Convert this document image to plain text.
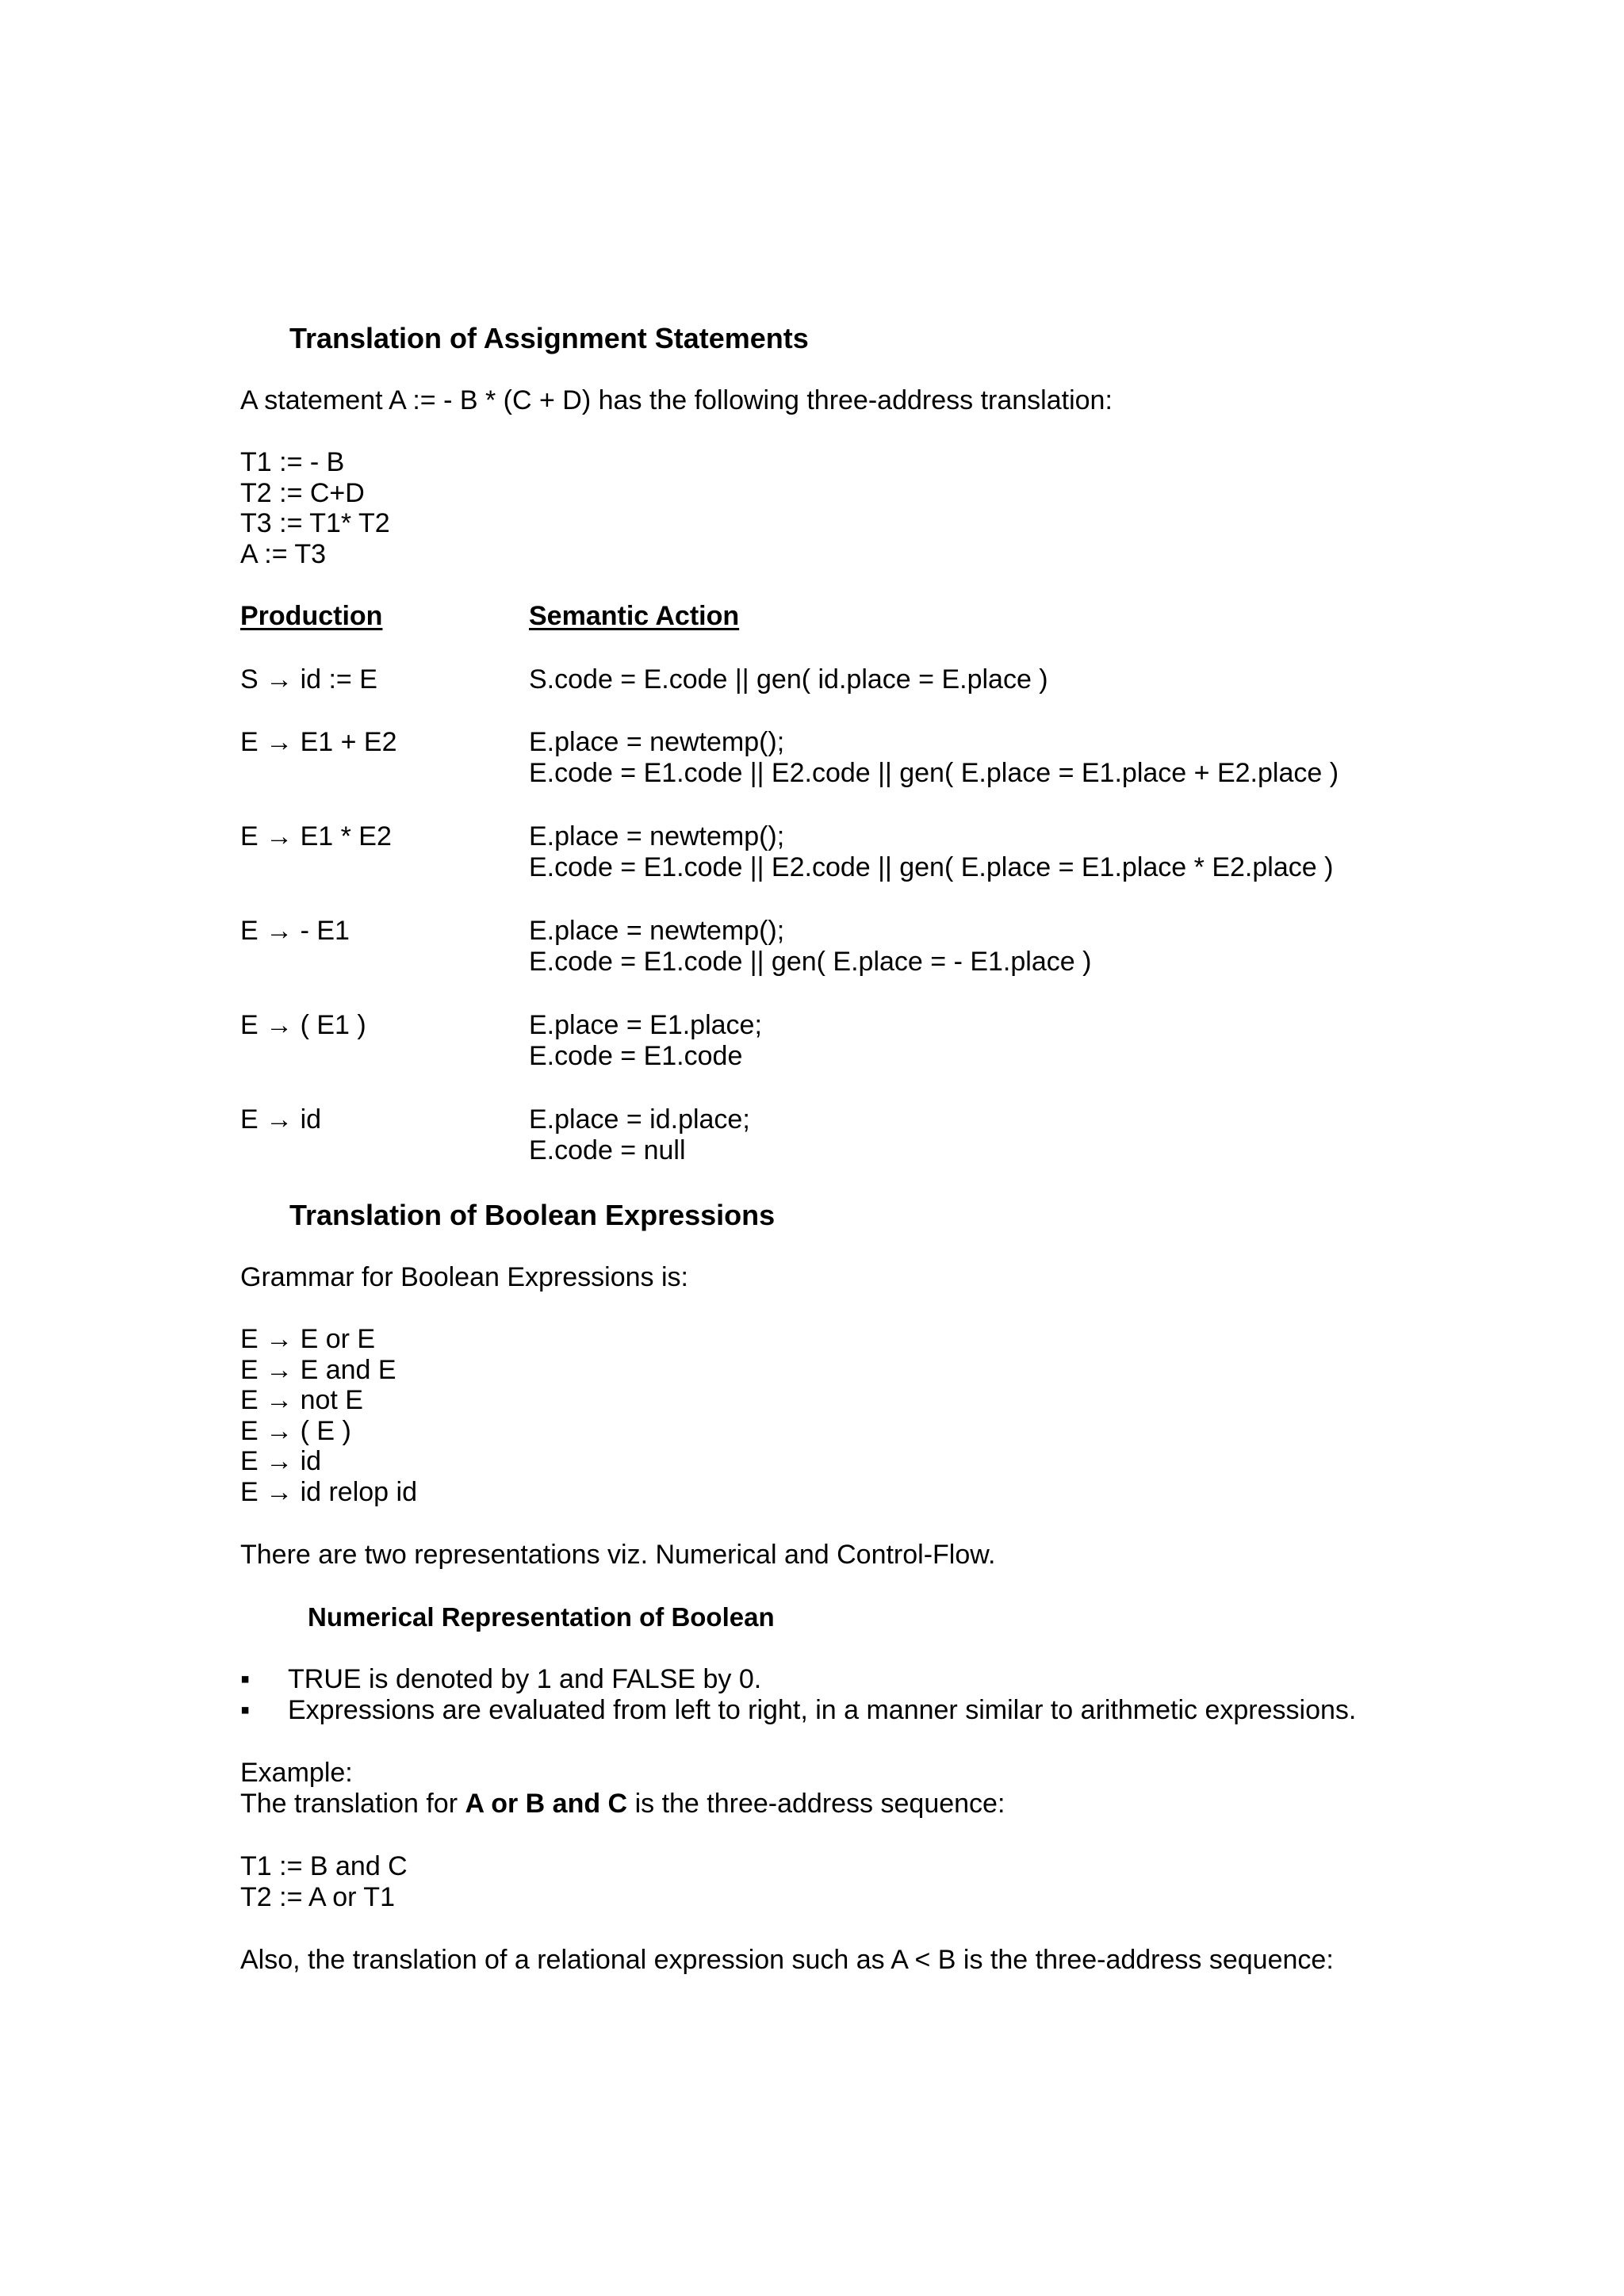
Translation of Assignment Statements
A statement A := - B * (C + D) has the following three-address translation:
T1 := - B
T2 := C+D
T3 := T1* T2
A := T3
Production	Semantic Action
S → id := E	S.code = E.code || gen( id.place = E.place )
E → E1 + E2	E.place = newtemp();
E.code = E1.code || E2.code || gen( E.place = E1.place + E2.place )
E → E1 * E2	E.place = newtemp();
E.code = E1.code || E2.code || gen( E.place = E1.place * E2.place )
E → - E1	E.place = newtemp();
E.code = E1.code || gen( E.place = - E1.place )
E → ( E1 )	E.place = E1.place;
E.code = E1.code
E → id	E.place = id.place;
E.code = null
Translation of Boolean Expressions
Grammar for Boolean Expressions is:
E → E or E
E → E and E
E → not E
E → ( E )
E → id
E → id relop id
There are two representations viz. Numerical and Control-Flow.
Numerical Representation of Boolean
▪ TRUE is denoted by 1 and FALSE by 0.
▪ Expressions are evaluated from left to right, in a manner similar to arithmetic expressions.
Example:
The translation for A or B and C is the three-address sequence:
T1 := B and C
T2 := A or T1
Also, the translation of a relational expression such as A < B is the three-address sequence:
